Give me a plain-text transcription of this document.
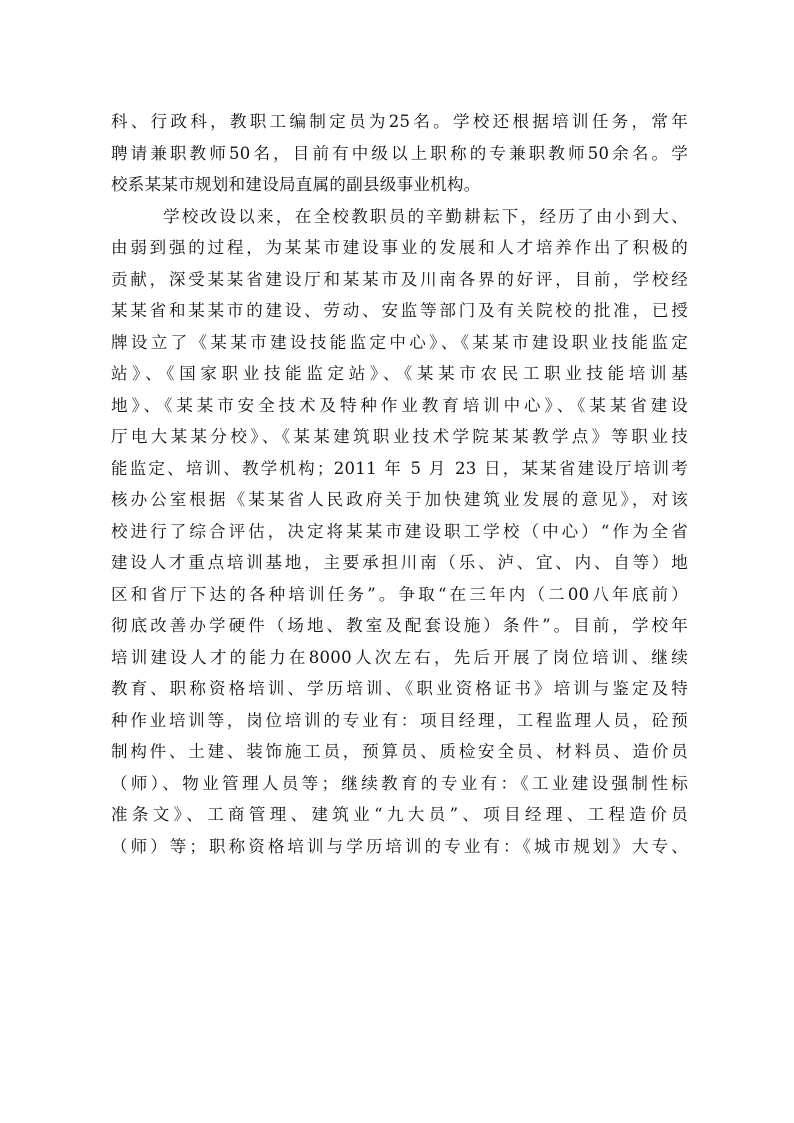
科、行政科，教职工编制定员为25名。学校还根据培训任务，常年
聘请兼职教师50名，目前有中级以上职称的专兼职教师50余名。学
校系某某市规划和建设局直属的副县级事业机构。
学校改设以来，在全校教职员的辛勤耕耘下，经历了由小到大、
由弱到强的过程，为某某市建设事业的发展和人才培养作出了积极的
贡献，深受某某省建设厅和某某市及川南各界的好评，目前，学校经
某某省和某某市的建设、劳动、安监等部门及有关院校的批准，已授
牌设立了《某某市建设技能监定中心》、《某某市建设职业技能监定
站》、《国家职业技能监定站》、《某某市农民工职业技能培训基
地》、《某某市安全技术及特种作业教育培训中心》、《某某省建设
厅电大某某分校》、《某某建筑职业技术学院某某教学点》等职业技
能监定、培训、教学机构；2011 年 5 月 23 日，某某省建设厅培训考
核办公室根据《某某省人民政府关于加快建筑业发展的意见》，对该
校进行了综合评估，决定将某某市建设职工学校（中心）“作为全省
建设人才重点培训基地，主要承担川南（乐、泸、宜、内、自等）地
区和省厅下达的各种培训任务”。争取“在三年内（二00八年底前）
彻底改善办学硬件（场地、教室及配套设施）条件”。目前，学校年
培训建设人才的能力在8000人次左右，先后开展了岗位培训、继续
教育、职称资格培训、学历培训、《职业资格证书》培训与鉴定及特
种作业培训等，岗位培训的专业有：项目经理，工程监理人员，砼预
制构件、土建、装饰施工员，预算员、质检安全员、材料员、造价员
（师）、物业管理人员等；继续教育的专业有：《工业建设强制性标
准条文》、工商管理、建筑业“九大员”、项目经理、工程造价员
（师）等；职称资格培训与学历培训的专业有：《城市规划》大专、
